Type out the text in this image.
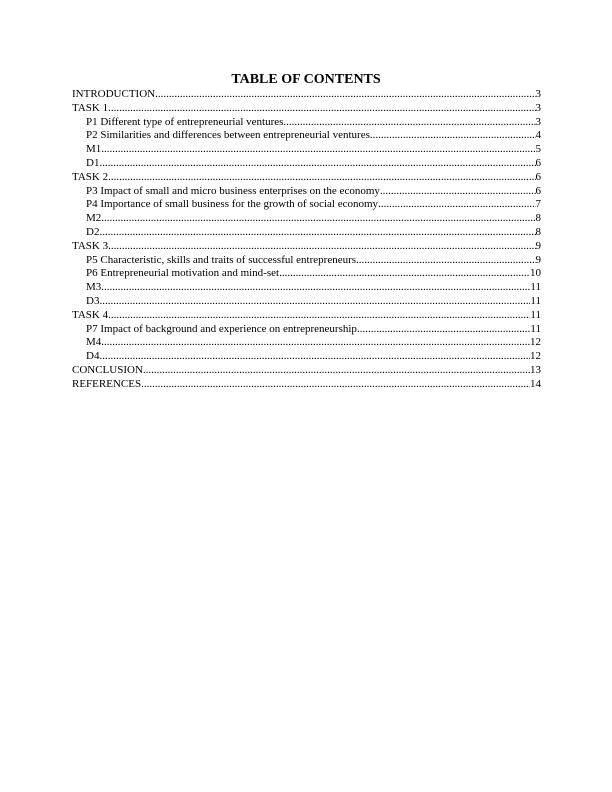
TABLE OF CONTENTS
INTRODUCTION .....	3
TASK 1 .....	3
P1 Different type of entrepreneurial ventures .....	3
P2 Similarities and differences between entrepreneurial ventures .....	4
M1 .....	5
D1 .....	6
TASK 2 .....	6
P3 Impact of small and micro business enterprises on the economy .....	6
P4 Importance of small business for the growth of social economy .....	7
M2 .....	8
D2 .....	8
TASK 3 .....	9
P5 Characteristic, skills and traits of successful entrepreneurs .....	9
P6 Entrepreneurial motivation and mind-set .....	10
M3 .....	11
D3 .....	11
TASK 4 .....	11
P7 Impact of background and experience on entrepreneurship .....	11
M4 .....	12
D4 .....	12
CONCLUSION .....	13
REFERENCES .....	14
